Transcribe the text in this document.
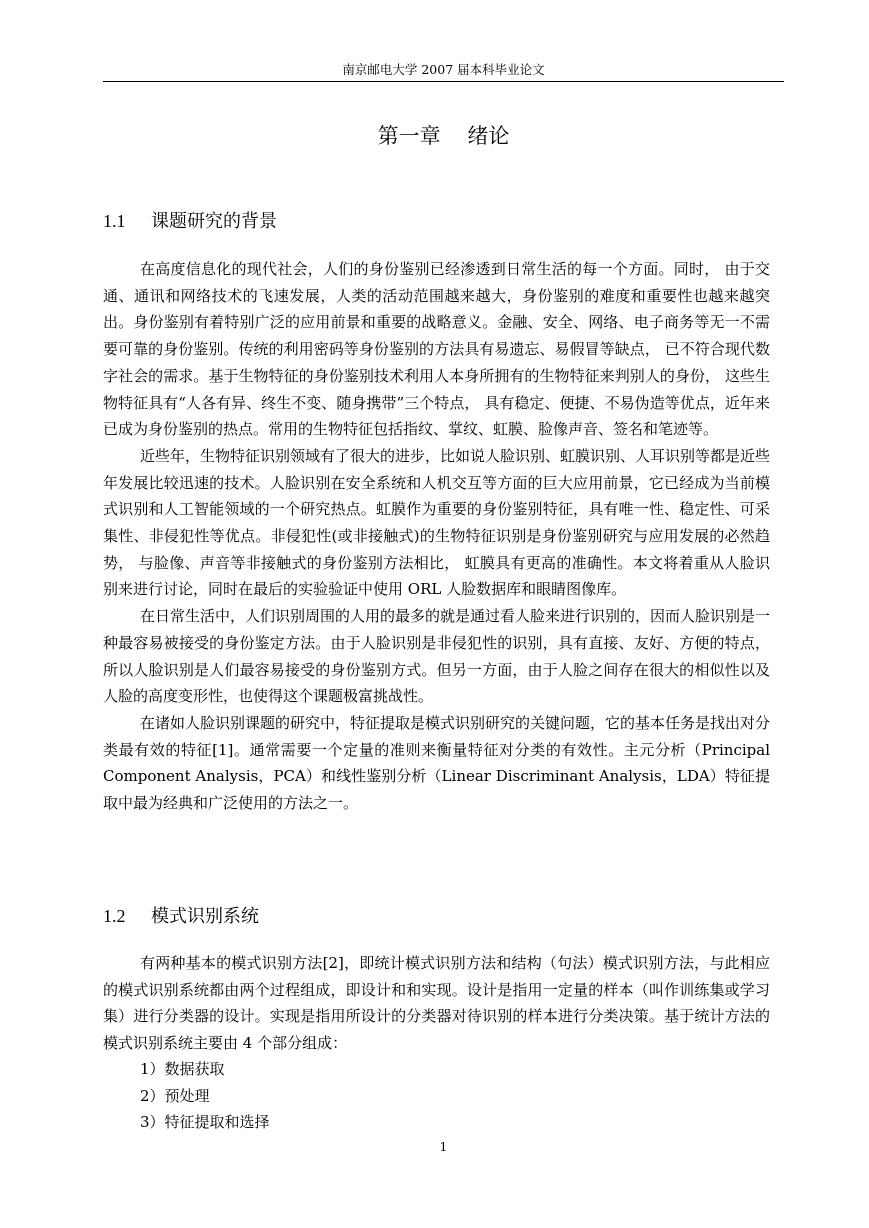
南京邮电大学 2007 届本科毕业论文
第一章    绪论
1.1 课题研究的背景

在高度信息化的现代社会，人们的身份鉴别已经渗透到日常生活的每一个方面。同时， 由于交通、通讯和网络技术的飞速发展，人类的活动范围越来越大，身份鉴别的难度和重要性也越来越突出。身份鉴别有着特别广泛的应用前景和重要的战略意义。金融、安全、网络、电子商务等无一不需要可靠的身份鉴别。传统的利用密码等身份鉴别的方法具有易遗忘、易假冒等缺点， 已不符合现代数字社会的需求。基于生物特征的身份鉴别技术利用人本身所拥有的生物特征来判别人的身份， 这些生物特征具有“人各有异、终生不变、随身携带”三个特点， 具有稳定、便捷、不易伪造等优点，近年来已成为身份鉴别的热点。常用的生物特征包括指纹、掌纹、虹膜、脸像声音、签名和笔迹等。

近些年，生物特征识别领域有了很大的进步，比如说人脸识别、虹膜识别、人耳识别等都是近些年发展比较迅速的技术。人脸识别在安全系统和人机交互等方面的巨大应用前景，它已经成为当前模式识别和人工智能领域的一个研究热点。虹膜作为重要的身份鉴别特征，具有唯一性、稳定性、可采集性、非侵犯性等优点。非侵犯性(或非接触式)的生物特征识别是身份鉴别研究与应用发展的必然趋势， 与脸像、声音等非接触式的身份鉴别方法相比， 虹膜具有更高的准确性。本文将着重从人脸识别来进行讨论，同时在最后的实验验证中使用 ORL 人脸数据库和眼睛图像库。

在日常生活中，人们识别周围的人用的最多的就是通过看人脸来进行识别的，因而人脸识别是一种最容易被接受的身份鉴定方法。由于人脸识别是非侵犯性的识别，具有直接、友好、方便的特点，所以人脸识别是人们最容易接受的身份鉴别方式。但另一方面，由于人脸之间存在很大的相似性以及人脸的高度变形性，也使得这个课题极富挑战性。

在诸如人脸识别课题的研究中，特征提取是模式识别研究的关键问题，它的基本任务是找出对分类最有效的特征[1]。通常需要一个定量的准则来衡量特征对分类的有效性。主元分析（Principal Component Analysis，PCA）和线性鉴别分析（Linear Discriminant Analysis，LDA）特征提取中最为经典和广泛使用的方法之一。

1.2 模式识别系统

有两种基本的模式识别方法[2]，即统计模式识别方法和结构（句法）模式识别方法，与此相应的模式识别系统都由两个过程组成，即设计和和实现。设计是指用一定量的样本（叫作训练集或学习集）进行分类器的设计。实现是指用所设计的分类器对待识别的样本进行分类决策。基于统计方法的模式识别系统主要由 4 个部分组成：

1）数据获取
2）预处理
3）特征提取和选择
1
